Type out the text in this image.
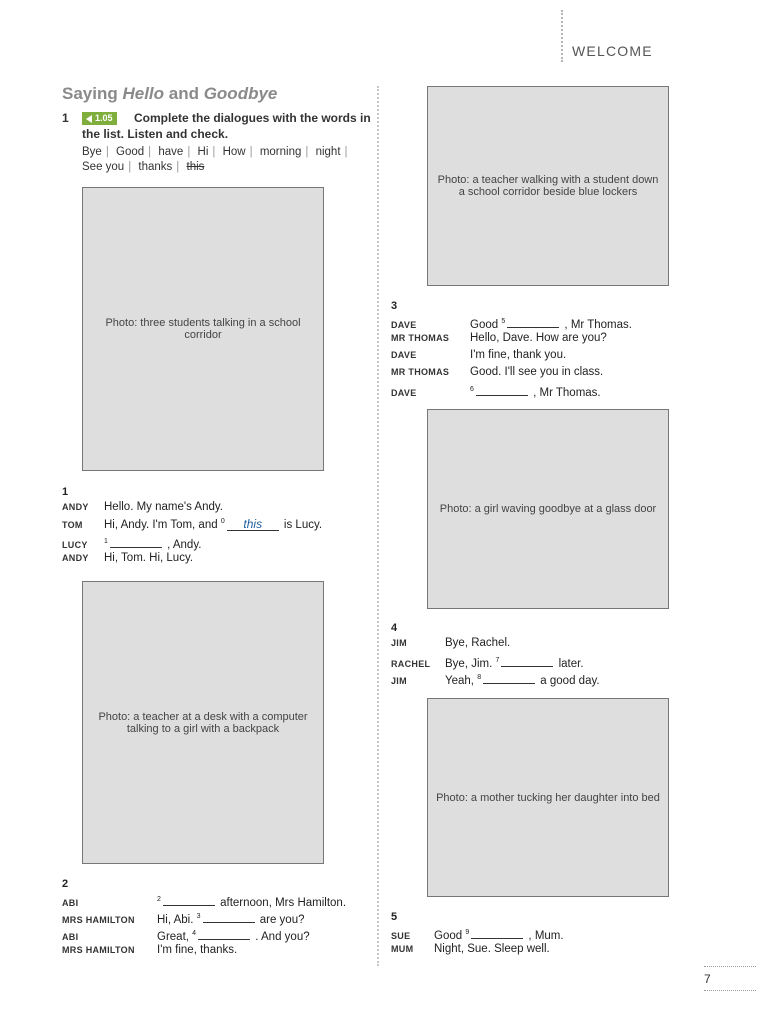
WELCOME
Saying Hello and Goodbye
1	Complete the dialogues with the words in the list. Listen and check.
1.05
Bye | Good | have | Hi | How | morning | night | See you | thanks | this
Photo: three students talking in a school corridor
Photo: a teacher walking with a student down a school corridor beside blue lockers
Photo: a girl waving goodbye at a glass door
Photo: a teacher at a desk with a computer talking to a girl with a backpack
Photo: a mother tucking her daughter into bed
1
ANDY	Hello. My name's Andy.
TOM	Hi, Andy. I'm Tom, and $^0$ this is Lucy.
LUCY	$^1$	, Andy.
ANDY	Hi, Tom. Hi, Lucy.
2
ABI	$^2$	afternoon, Mrs Hamilton.
MRS HAMILTON	Hi, Abi. $^3$	are you?
ABI	Great, $^4$	. And you?
MRS HAMILTON	I'm fine, thanks.
3
DAVE	Good $^5$	, Mr Thomas.
MR THOMAS	Hello, Dave. How are you?
DAVE	I'm fine, thank you.
MR THOMAS	Good. I'll see you in class.
DAVE	$^6$	, Mr Thomas.
4
JIM	Bye, Rachel.
RACHEL	Bye, Jim. $^7$	later.
JIM	Yeah, $^8$	a good day.
5
SUE	Good $^9$	, Mum.
MUM	Night, Sue. Sleep well.
7
